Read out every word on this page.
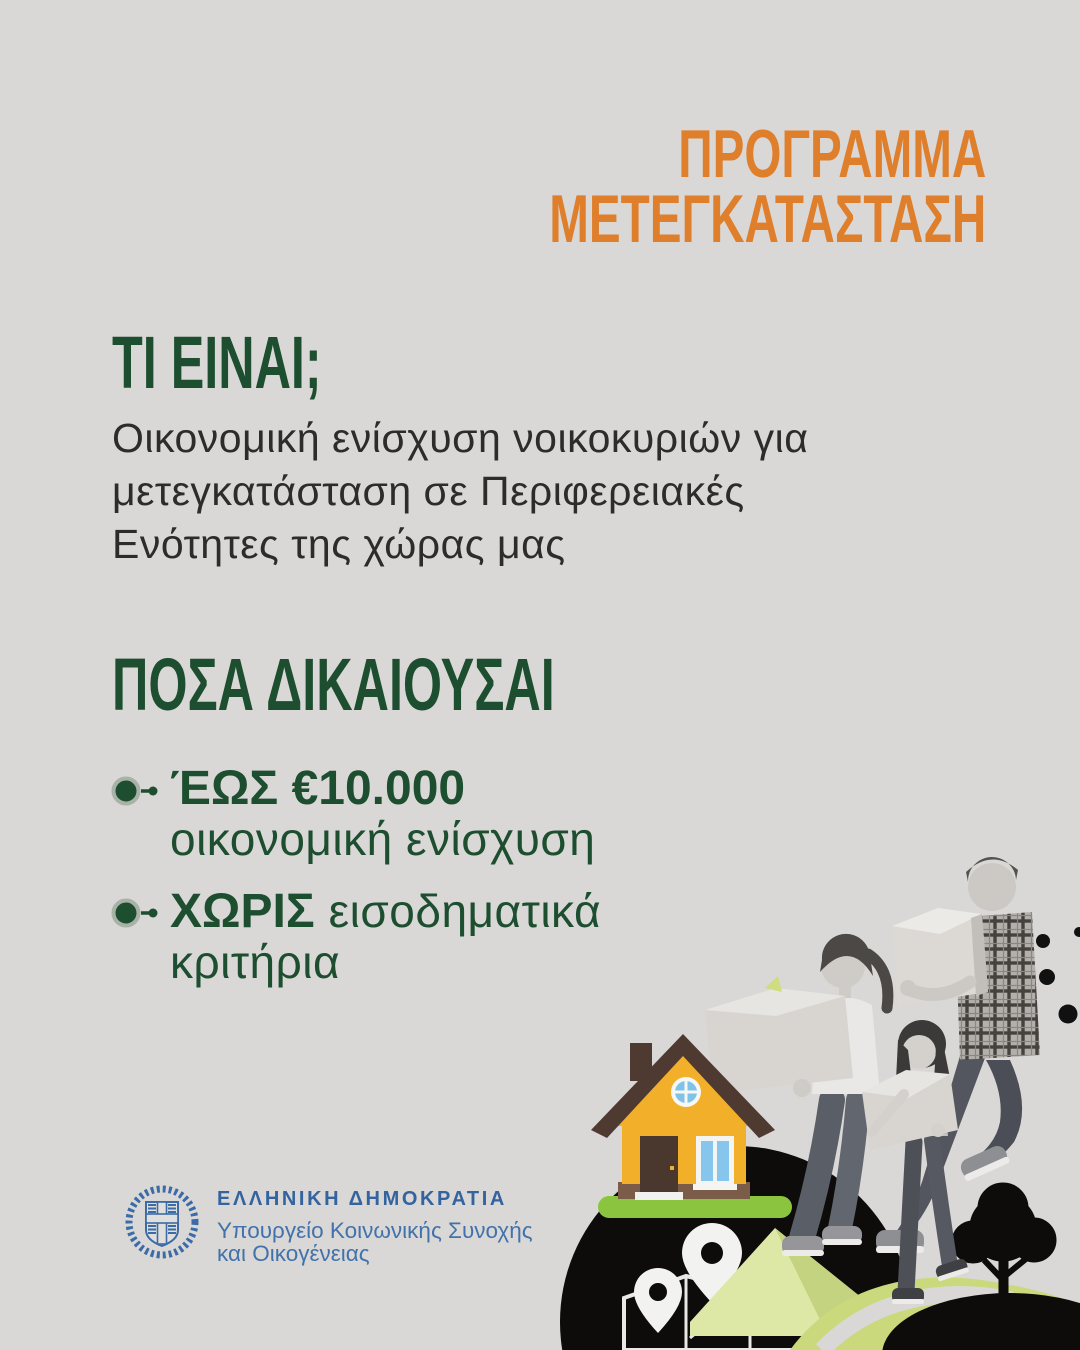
ΠΡΟΓΡΑΜΜΑ
ΜΕΤΕΓΚΑΤΑΣΤΑΣΗ
ΤΙ ΕΙΝΑΙ;
Οικονομική ενίσχυση νοικοκυριών για
μετεγκατάσταση σε Περιφερειακές
Ενότητες της χώρας μας
ΠΟΣΑ ΔΙΚΑΙΟΥΣΑΙ
ΈΩΣ €10.000
οικονομική ενίσχυση
ΧΩΡΙΣ εισοδηματικά
κριτήρια
ΕΛΛΗΝΙΚΗ ΔΗΜΟΚΡΑΤΙΑ
Υπουργείο Κοινωνικής Συνοχής
και Οικογένειας
